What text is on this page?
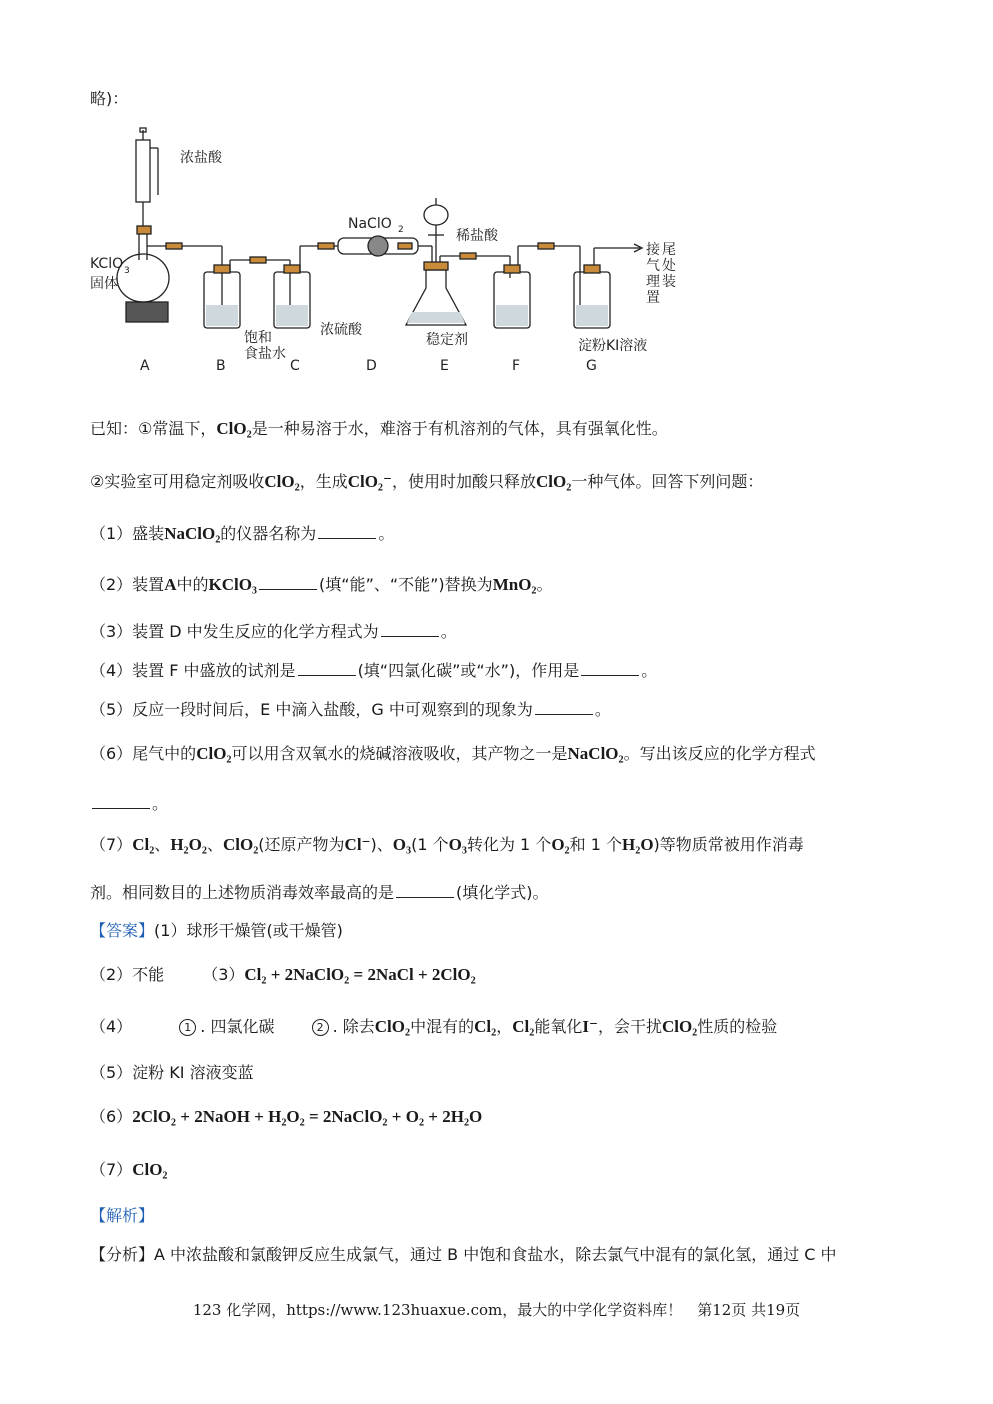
略)：
浓盐酸
KClO 3
固体
NaClO 2	稀盐酸
饱和
食盐水
浓硫酸
稳定剂	淀粉KI溶液
接 尾
气 处
理 装
置
A	B	C	D	E	F	G
已知：①常温下，ClO₂是一种易溶于水，难溶于有机溶剂的气体，具有强氧化性。
②实验室可用稳定剂吸收ClO₂，生成ClO₂⁻，使用时加酸只释放ClO₂一种气体。回答下列问题：
（1）盛装NaClO₂的仪器名称为	。
（2）装置A中的KClO₃	(填“能”、“不能”)替换为MnO₂。
（3）装置 D 中发生反应的化学方程式为	。
（4）装置 F 中盛放的试剂是	(填“四氯化碳”或“水”)，作用是	。
（5）反应一段时间后，E 中滴入盐酸，G 中可观察到的现象为	。
（6）尾气中的ClO₂可以用含双氧水的烧碱溶液吸收，其产物之一是NaClO₂。写出该反应的化学方程式
。
（7）Cl₂、H₂O₂、ClO₂(还原产物为Cl⁻)、O₃(1 个O₃转化为 1 个O₂和 1 个H₂O)等物质常被用作消毒
剂。相同数目的上述物质消毒效率最高的是	(填化学式)。
【答案】(1）球形干燥管(或干燥管)
（2）不能 （3）Cl₂ + 2NaClO₂ = 2NaCl + 2ClO₂
（4）	1 . 四氯化碳	2 . 除去ClO₂中混有的Cl₂，Cl₂能氧化I⁻，会干扰ClO₂性质的检验
（5）淀粉 KI 溶液变蓝
（6）2ClO₂ + 2NaOH + H₂O₂ = 2NaClO₂ + O₂ + 2H₂O
（7）ClO₂
【解析】
【分析】A 中浓盐酸和氯酸钾反应生成氯气，通过 B 中饱和食盐水，除去氯气中混有的氯化氢，通过 C 中
123 化学网，https://www.123huaxue.com，最大的中学化学资料库！　第12页 共19页
